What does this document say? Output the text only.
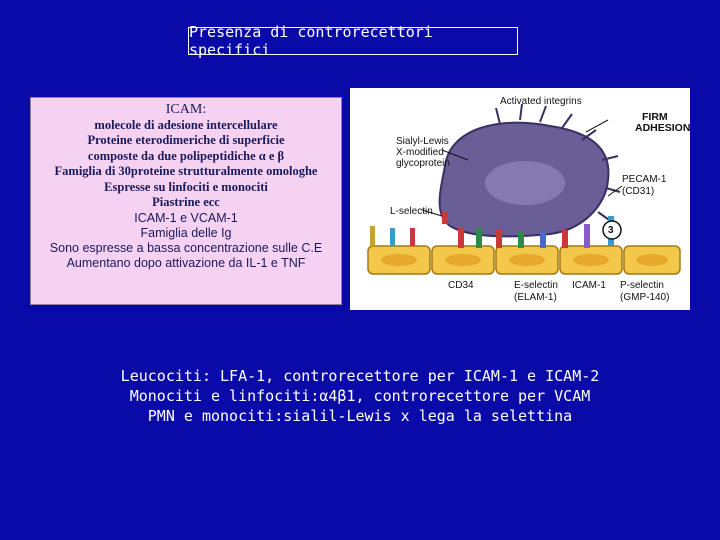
Presenza di controrecettori specifici
ICAM:
molecole di adesione intercellulare
Proteine eterodimeriche di superficie
composte da due polipeptidiche α e β
Famiglia di 30proteine strutturalmente omologhe
Espresse su linfociti e monociti
Piastrine ecc
ICAM-1 e VCAM-1
Famiglia delle Ig
Sono espresse a bassa concentrazione sulle C.E
Aumentano dopo attivazione da IL-1 e TNF
Activated integrins
FIRM
ADHESION
Sialyl-Lewis
X-modified
glycoprotein
L-selectin
PECAM-1
(CD31)
3
CD34	E-selectin
(ELAM-1)
ICAM-1 P-selectin
(GMP-140)
Leucociti: LFA-1, controrecettore per ICAM-1 e ICAM-2
Monociti e linfociti:α4β1, controrecettore per VCAM
PMN e monociti:sialil-Lewis x lega la selettina
